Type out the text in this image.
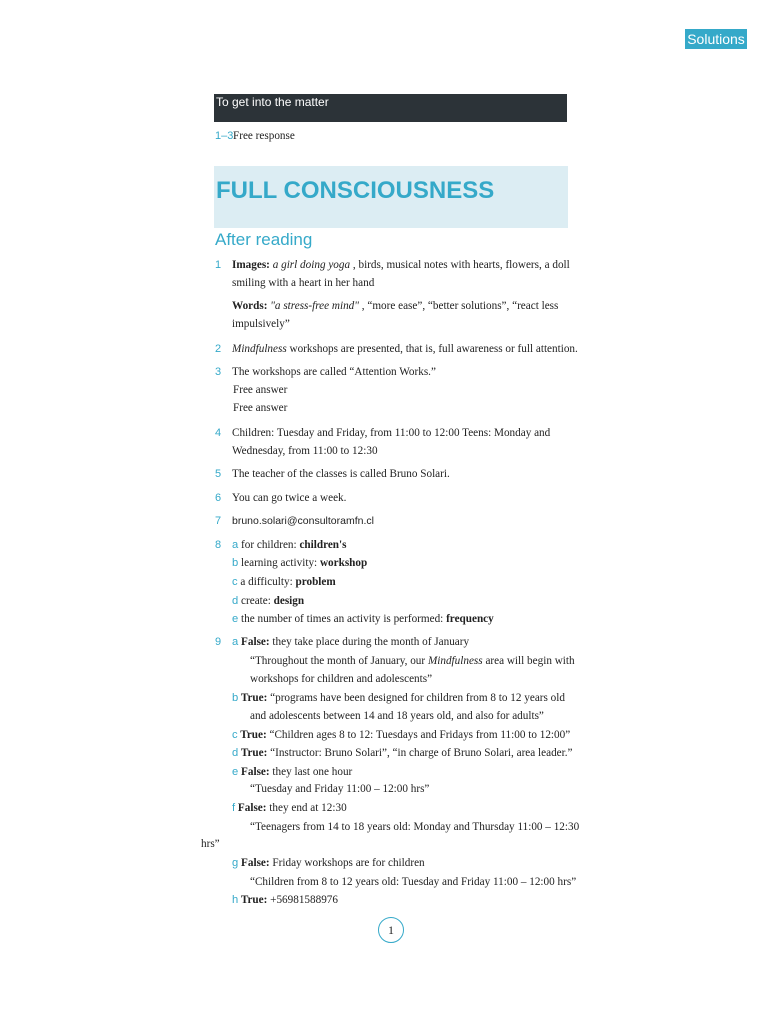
Solutions
To get into the matter
1–3 Free response
FULL CONSCIOUSNESS
After reading
1 Images: a girl doing yoga , birds, musical notes with hearts, flowers, a doll
smiling with a heart in her hand
Words: "a stress-free mind" , “more ease”, “better solutions”, “react less
impulsively”
2 Mindfulness workshops are presented, that is, full awareness or full attention.
3 The workshops are called “Attention Works.”
Free answer
Free answer
4 Children: Tuesday and Friday, from 11:00 to 12:00 Teens: Monday and
Wednesday, from 11:00 to 12:30
5 The teacher of the classes is called Bruno Solari.
6 You can go twice a week.
7 bruno.solari@consultoramfn.cl
8 a for children: children's
b learning activity: workshop
c a difficulty: problem
d create: design
e the number of times an activity is performed: frequency
9 a False: they take place during the month of January
“Throughout the month of January, our Mindfulness area will begin with
workshops for children and adolescents”
b True: “programs have been designed for children from 8 to 12 years old
and adolescents between 14 and 18 years old, and also for adults”
c True: “Children ages 8 to 12: Tuesdays and Fridays from 11:00 to 12:00”
d True: “Instructor: Bruno Solari”, “in charge of Bruno Solari, area leader.”
e False: they last one hour
“Tuesday and Friday 11:00 – 12:00 hrs”
f False: they end at 12:30
“Teenagers from 14 to 18 years old: Monday and Thursday 11:00 – 12:30
hrs”
g False: Friday workshops are for children
“Children from 8 to 12 years old: Tuesday and Friday 11:00 – 12:00 hrs”
h True: +56981588976
1
